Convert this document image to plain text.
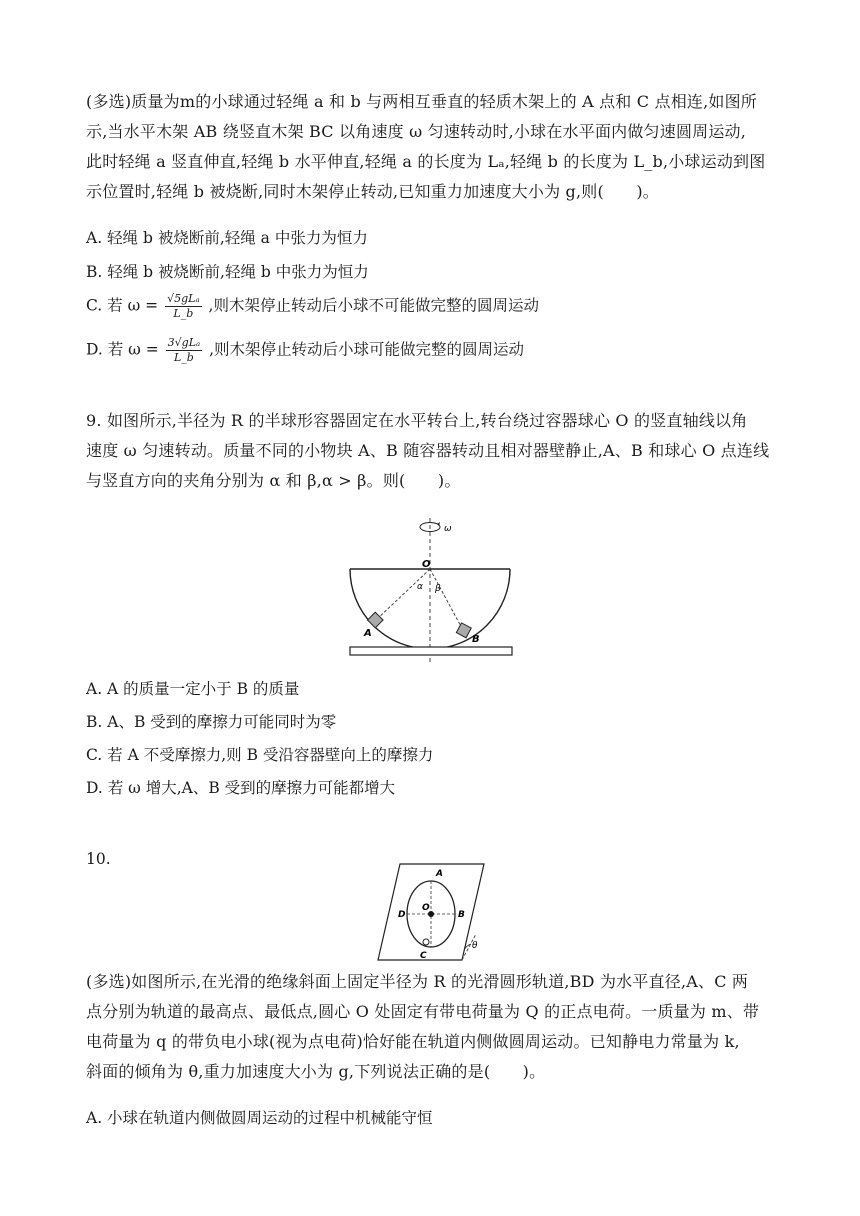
(多选)质量为m的小球通过轻绳 a 和 b 与两相互垂直的轻质木架上的 A 点和 C 点相连,如图所
示,当水平木架 AB 绕竖直木架 BC 以角速度 ω 匀速转动时,小球在水平面内做匀速圆周运动,
此时轻绳 a 竖直伸直,轻绳 b 水平伸直,轻绳 a 的长度为 Lₐ,轻绳 b 的长度为 L_b,小球运动到图
示位置时,轻绳 b 被烧断,同时木架停止转动,已知重力加速度大小为 g,则(　　)。
A. 轻绳 b 被烧断前,轻绳 a 中张力为恒力
B. 轻绳 b 被烧断前,轻绳 b 中张力为恒力
C. 若 $\omega = \frac{\text{√5gLₐ}}{L\_b}$ ,则木架停止转动后小球不可能做完整的圆周运动
D. 若 $\omega = \frac{\text{3√gLₐ}}{L\_b}$ ,则木架停止转动后小球可能做完整的圆周运动
9. 如图所示,半径为 R 的半球形容器固定在水平转台上,转台绕过容器球心 O 的竖直轴线以角
速度 ω 匀速转动。质量不同的小物块 A、B 随容器转动且相对器壁静止,A、B 和球心 O 点连线
与竖直方向的夹角分别为 α 和 β,α > β。则(　　)。
ω
O
α β
A
B
A. A 的质量一定小于 B 的质量
B. A、B 受到的摩擦力可能同时为零
C. 若 A 不受摩擦力,则 B 受沿容器壁向上的摩擦力
D. 若 ω 增大,A、B 受到的摩擦力可能都增大
10.
θ
A
B
C
D
O
(多选)如图所示,在光滑的绝缘斜面上固定半径为 R 的光滑圆形轨道,BD 为水平直径,A、C 两
点分别为轨道的最高点、最低点,圆心 O 处固定有带电荷量为 Q 的正点电荷。一质量为 m、带
电荷量为 q 的带负电小球(视为点电荷)恰好能在轨道内侧做圆周运动。已知静电力常量为 k,
斜面的倾角为 θ,重力加速度大小为 g,下列说法正确的是(　　)。
A. 小球在轨道内侧做圆周运动的过程中机械能守恒
